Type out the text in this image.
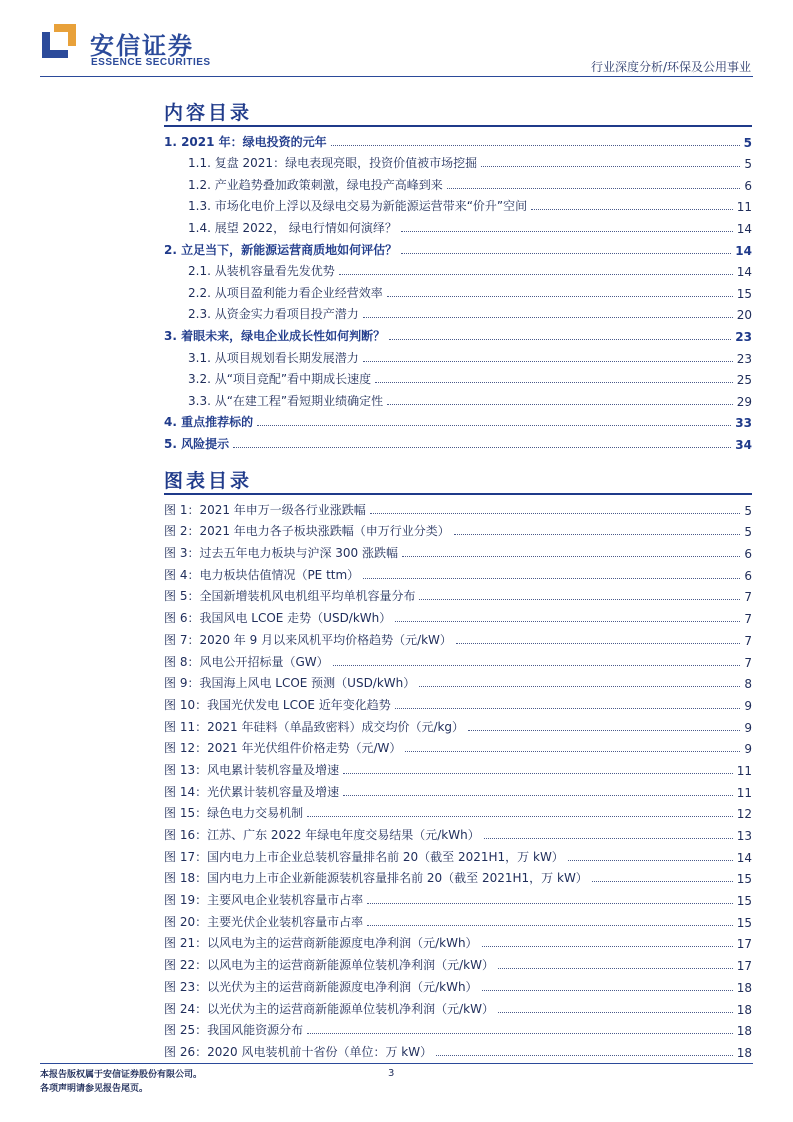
安信证券
ESSENCE SECURITIES	行业深度分析/环保及公用事业
内容目录
1. 2021 年：绿电投资的元年	5
1.1. 复盘 2021：绿电表现亮眼，投资价值被市场挖掘	5
1.2. 产业趋势叠加政策刺激，绿电投产高峰到来	6
1.3. 市场化电价上浮以及绿电交易为新能源运营带来“价升”空间	11
1.4. 展望 2022， 绿电行情如何演绎？	14
2. 立足当下，新能源运营商质地如何评估？	14
2.1. 从装机容量看先发优势	14
2.2. 从项目盈利能力看企业经营效率	15
2.3. 从资金实力看项目投产潜力	20
3. 着眼未来，绿电企业成长性如何判断？	23
3.1. 从项目规划看长期发展潜力	23
3.2. 从“项目竞配”看中期成长速度	25
3.3. 从“在建工程”看短期业绩确定性	29
4. 重点推荐标的	33
5. 风险提示	34
图表目录
图 1：2021 年申万一级各行业涨跌幅	5
图 2：2021 年电力各子板块涨跌幅（申万行业分类）	5
图 3：过去五年电力板块与沪深 300 涨跌幅	6
图 4：电力板块估值情况（PE ttm）	6
图 5：全国新增装机风电机组平均单机容量分布	7
图 6：我国风电 LCOE 走势（USD/kWh）	7
图 7：2020 年 9 月以来风机平均价格趋势（元/kW）	7
图 8：风电公开招标量（GW）	7
图 9：我国海上风电 LCOE 预测（USD/kWh）	8
图 10：我国光伏发电 LCOE 近年变化趋势	9
图 11：2021 年硅料（单晶致密料）成交均价（元/kg）	9
图 12：2021 年光伏组件价格走势（元/W）	9
图 13：风电累计装机容量及增速	11
图 14：光伏累计装机容量及增速	11
图 15：绿色电力交易机制	12
图 16：江苏、广东 2022 年绿电年度交易结果（元/kWh）	13
图 17：国内电力上市企业总装机容量排名前 20（截至 2021H1，万 kW）	14
图 18：国内电力上市企业新能源装机容量排名前 20（截至 2021H1，万 kW）	15
图 19：主要风电企业装机容量市占率	15
图 20：主要光伏企业装机容量市占率	15
图 21：以风电为主的运营商新能源度电净利润（元/kWh）	17
图 22：以风电为主的运营商新能源单位装机净利润（元/kW）	17
图 23：以光伏为主的运营商新能源度电净利润（元/kWh）	18
图 24：以光伏为主的运营商新能源单位装机净利润（元/kW）	18
图 25：我国风能资源分布	18
图 26：2020 风电装机前十省份（单位：万 kW）	18
本报告版权属于安信证券股份有限公司。
各项声明请参见报告尾页。
3
